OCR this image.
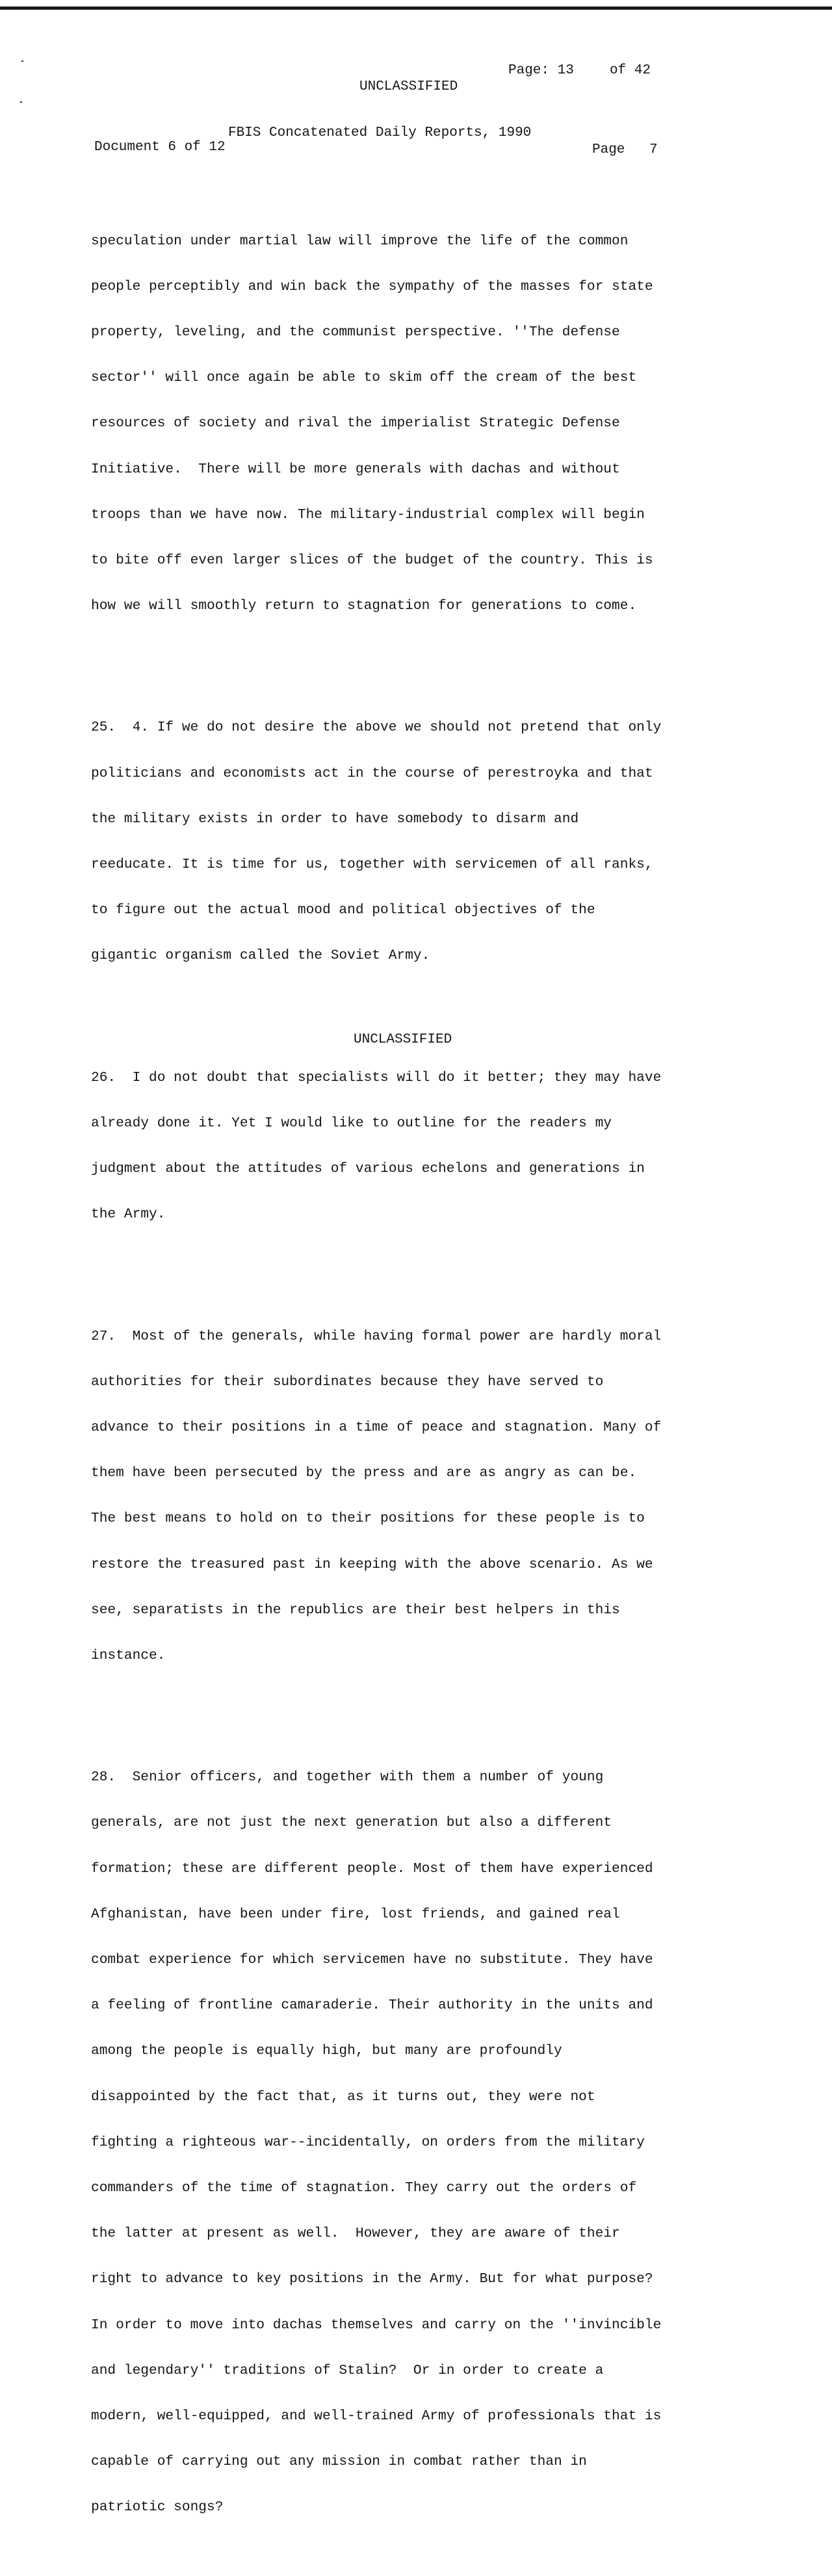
Page: 13	of 42
UNCLASSIFIED
FBIS Concatenated Daily Reports, 1990
Document 6 of 12	Page 7

speculation under martial law will improve the life of the common

people perceptibly and win back the sympathy of the masses for state

property, leveling, and the communist perspective. ''The defense

sector'' will once again be able to skim off the cream of the best

resources of society and rival the imperialist Strategic Defense

Initiative.  There will be more generals with dachas and without

troops than we have now. The military-industrial complex will begin

to bite off even larger slices of the budget of the country. This is

how we will smoothly return to stagnation for generations to come.

25.  4. If we do not desire the above we should not pretend that only

politicians and economists act in the course of perestroyka and that

the military exists in order to have somebody to disarm and

reeducate. It is time for us, together with servicemen of all ranks,

to figure out the actual mood and political objectives of the

gigantic organism called the Soviet Army.

26.  I do not doubt that specialists will do it better; they may have

already done it. Yet I would like to outline for the readers my

judgment about the attitudes of various echelons and generations in

the Army.

27.  Most of the generals, while having formal power are hardly moral

authorities for their subordinates because they have served to

advance to their positions in a time of peace and stagnation. Many of

them have been persecuted by the press and are as angry as can be.

The best means to hold on to their positions for these people is to

restore the treasured past in keeping with the above scenario. As we

see, separatists in the republics are their best helpers in this

instance.

28.  Senior officers, and together with them a number of young

generals, are not just the next generation but also a different

formation; these are different people. Most of them have experienced

Afghanistan, have been under fire, lost friends, and gained real

combat experience for which servicemen have no substitute. They have

a feeling of frontline camaraderie. Their authority in the units and

among the people is equally high, but many are profoundly

disappointed by the fact that, as it turns out, they were not

fighting a righteous war--incidentally, on orders from the military

commanders of the time of stagnation. They carry out the orders of

the latter at present as well.  However, they are aware of their

right to advance to key positions in the Army. But for what purpose?

In order to move into dachas themselves and carry on the ''invincible

and legendary'' traditions of Stalin?  Or in order to create a

modern, well-equipped, and well-trained Army of professionals that is

capable of carrying out any mission in combat rather than in

patriotic songs?

UNCLASSIFIED
